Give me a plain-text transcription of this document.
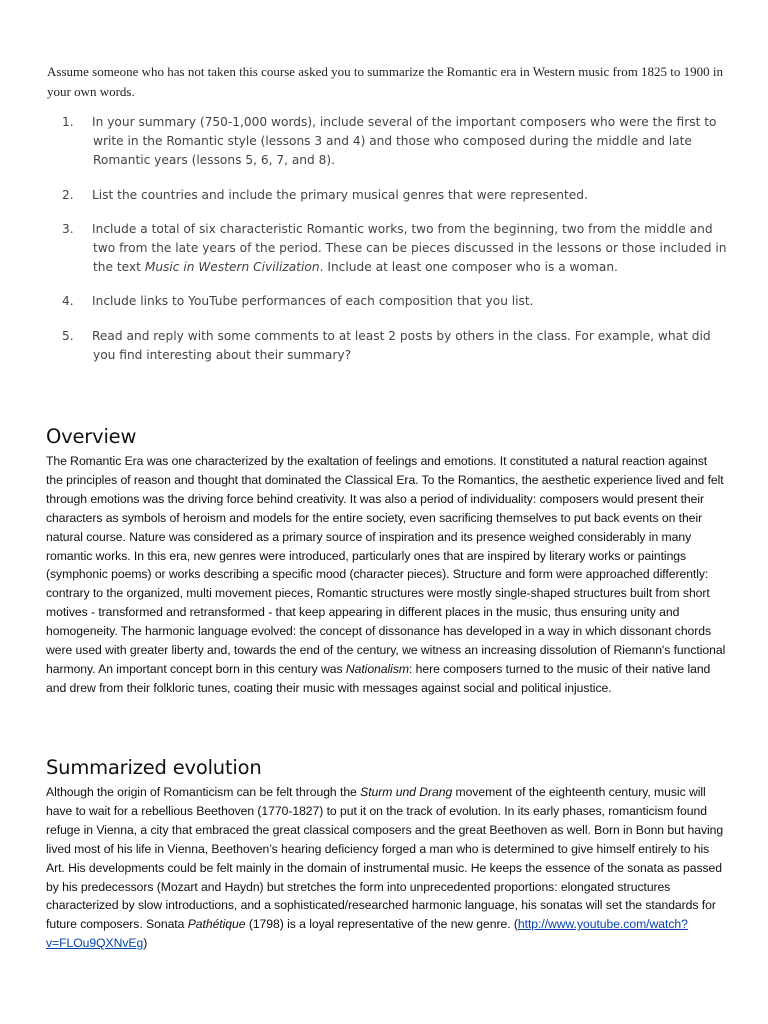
Assume someone who has not taken this course asked you to summarize the Romantic era in Western music from 1825 to 1900 in your own words.
1.	In your summary (750-1,000 words), include several of the important composers who were the first to write in the Romantic style (lessons 3 and 4) and those who composed during the middle and late Romantic years (lessons 5, 6, 7, and 8).
2.	List the countries and include the primary musical genres that were represented.
3.	Include a total of six characteristic Romantic works, two from the beginning, two from the middle and two from the late years of the period. These can be pieces discussed in the lessons or those included in the text Music in Western Civilization. Include at least one composer who is a woman.
4.	Include links to YouTube performances of each composition that you list.
5.	Read and reply with some comments to at least 2 posts by others in the class. For example, what did you find interesting about their summary?
Overview

The Romantic Era was one characterized by the exaltation of feelings and emotions. It constituted a natural reaction against the principles of reason and thought that dominated the Classical Era. To the Romantics, the aesthetic experience lived and felt through emotions was the driving force behind creativity. It was also a period of individuality: composers would present their characters as symbols of heroism and models for the entire society, even sacrificing themselves to put back events on their natural course. Nature was considered as a primary source of inspiration and its presence weighed considerably in many romantic works. In this era, new genres were introduced, particularly ones that are inspired by literary works or paintings (symphonic poems) or works describing a specific mood (character pieces). Structure and form were approached differently: contrary to the organized, multi movement pieces, Romantic structures were mostly single-shaped structures built from short motives - transformed and retransformed - that keep appearing in different places in the music, thus ensuring unity and homogeneity. The harmonic language evolved: the concept of dissonance has developed in a way in which dissonant chords were used with greater liberty and, towards the end of the century, we witness an increasing dissolution of Riemann's functional harmony. An important concept born in this century was Nationalism: here composers turned to the music of their native land and drew from their folkloric tunes, coating their music with messages against social and political injustice.

Summarized evolution

Although the origin of Romanticism can be felt through the Sturm und Drang movement of the eighteenth century, music will have to wait for a rebellious Beethoven (1770-1827) to put it on the track of evolution. In its early phases, romanticism found refuge in Vienna, a city that embraced the great classical composers and the great Beethoven as well. Born in Bonn but having lived most of his life in Vienna, Beethoven’s hearing deficiency forged a man who is determined to give himself entirely to his Art. His developments could be felt mainly in the domain of instrumental music. He keeps the essence of the sonata as passed by his predecessors (Mozart and Haydn) but stretches the form into unprecedented proportions: elongated structures characterized by slow introductions, and a sophisticated/researched harmonic language, his sonatas will set the standards for future composers. Sonata Pathétique (1798) is a loyal representative of the new genre. (http://www.youtube.com/watch?v=FLOu9QXNvEg)
